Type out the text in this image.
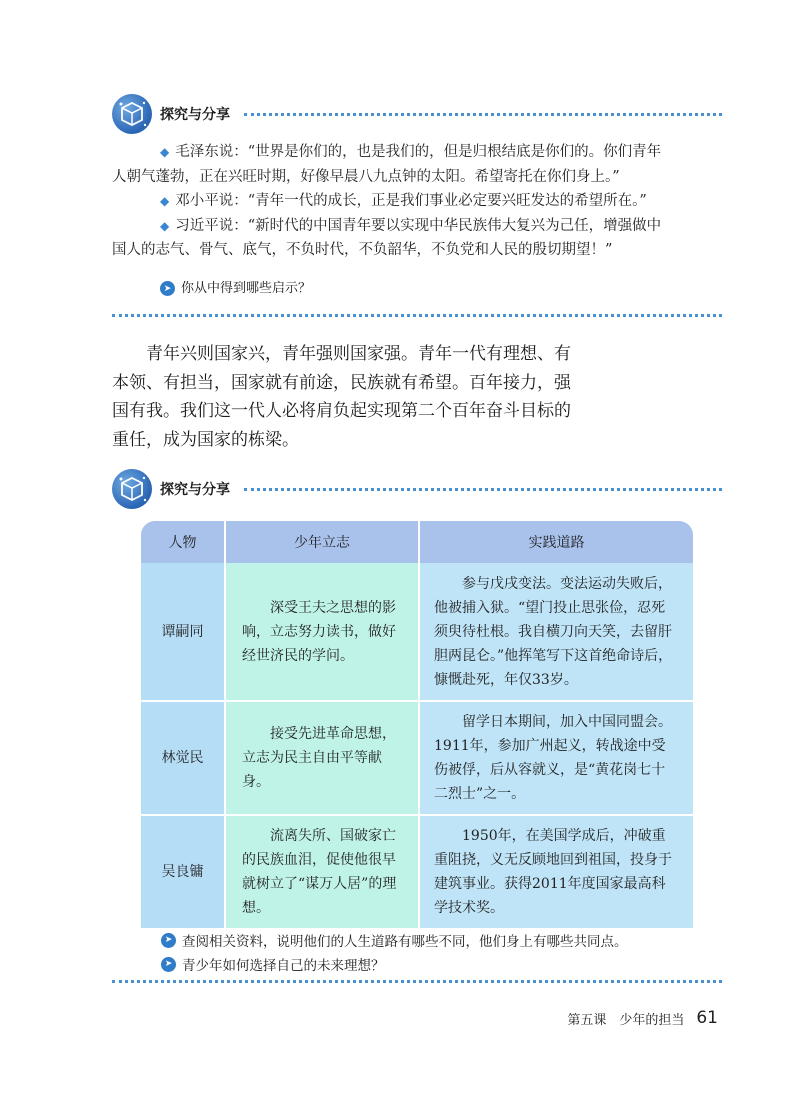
探究与分享

◆ 毛泽东说：“世界是你们的，也是我们的，但是归根结底是你们的。你们青年

人朝气蓬勃，正在兴旺时期，好像早晨八九点钟的太阳。希望寄托在你们身上。”

◆ 邓小平说：“青年一代的成长，正是我们事业必定要兴旺发达的希望所在。”

◆ 习近平说：“新时代的中国青年要以实现中华民族伟大复兴为己任，增强做中

国人的志气、骨气、底气，不负时代，不负韶华，不负党和人民的殷切期望！”

➤ 你从中得到哪些启示？
青年兴则国家兴，青年强则国家强。青年一代有理想、有本领、有担当，国家就有前途，民族就有希望。百年接力，强国有我。我们这一代人必将肩负起实现第二个百年奋斗目标的重任，成为国家的栋梁。
探究与分享
人物	少年立志	实践道路
谭嗣同	深受王夫之思想的影响，立志努力读书，做好经世济民的学问。	参与戊戌变法。变法运动失败后，他被捕入狱。“望门投止思张俭，忍死须臾待杜根。我自横刀向天笑，去留肝胆两昆仑。”他挥笔写下这首绝命诗后，慷慨赴死，年仅33岁。

林觉民	接受先进革命思想，立志为民主自由平等献身。	留学日本期间，加入中国同盟会。1911年，参加广州起义，转战途中受伤被俘，后从容就义，是“黄花岗七十二烈士”之一。

吴良镛	流离失所、国破家亡的民族血泪，促使他很早就树立了“谋万人居”的理想。	1950年，在美国学成后，冲破重重阻挠，义无反顾地回到祖国，投身于建筑事业。获得2011年度国家最高科学技术奖。
➤ 查阅相关资料，说明他们的人生道路有哪些不同，他们身上有哪些共同点。
➤ 青少年如何选择自己的未来理想？
第五课　少年的担当 61
